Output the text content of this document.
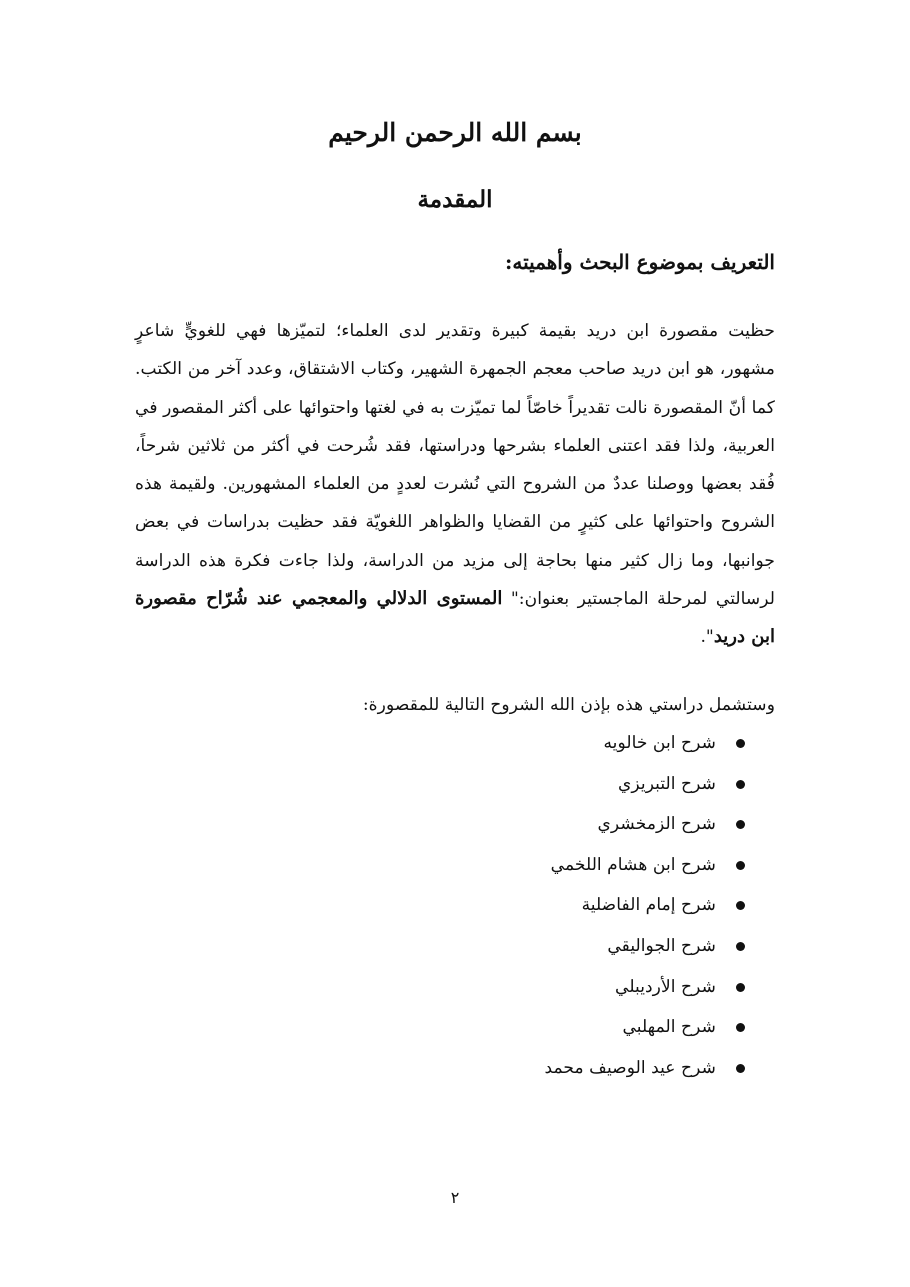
بسم الله الرحمن الرحيم
المقدمة
التعريف بموضوع البحث وأهميته:

حظيت مقصورة ابن دريد بقيمة كبيرة وتقدير لدى العلماء؛ لتميّزها فهي للغويٍّ شاعرٍ مشهور، هو ابن دريد صاحب معجم الجمهرة الشهير، وكتاب الاشتقاق، وعدد آخر من الكتب. كما أنّ المقصورة نالت تقديراً خاصّاً لما تميّزت به في لغتها واحتوائها على أكثر المقصور في العربية، ولذا فقد اعتنى العلماء بشرحها ودراستها، فقد شُرحت في أكثر من ثلاثين شرحاً، فُقد بعضها ووصلنا عددٌ من الشروح التي نُشرت لعددٍ من العلماء المشهورين. ولقيمة هذه الشروح واحتوائها على كثيرٍ من القضايا والظواهر اللغويّة فقد حظيت بدراسات في بعض جوانبها، وما زال كثير منها بحاجة إلى مزيد من الدراسة، ولذا جاءت فكرة هذه الدراسة لرسالتي لمرحلة الماجستير بعنوان:" المستوى الدلالي والمعجمي عند شُرّاح مقصورة ابن دريد".

وستشمل دراستي هذه بإذن الله الشروح التالية للمقصورة:

شرح ابن خالويه
شرح التبريزي
شرح الزمخشري
شرح ابن هشام اللخمي
شرح إمام الفاضلية
شرح الجواليقي
شرح الأرديبلي
شرح المهلبي
شرح عيد الوصيف محمد

٢
